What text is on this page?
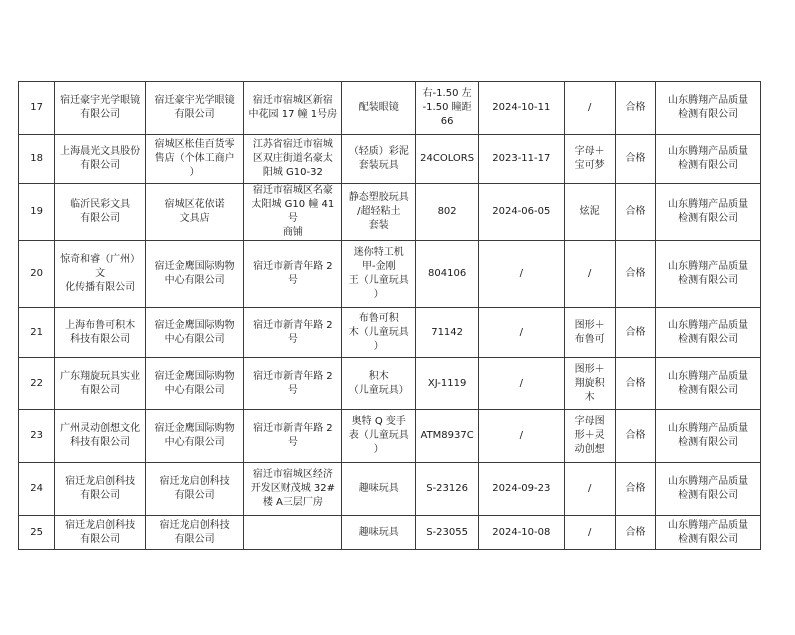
17	宿迁豪宇光学眼镜
有限公司	宿迁豪宇光学眼镜
有限公司	宿迁市宿城区新宿
中花园 17 幢 1号房	配装眼镜	右-1.50 左
-1.50 瞳距
66	2024-10-11	/	合格	山东腾翔产品质量
检测有限公司
18	上海晨光文具股份
有限公司	宿城区枨佳百货零
售店（个体工商户
）	江苏省宿迁市宿城
区双庄街道名豪太
阳城 G10-32	（轻质）彩泥
套装玩具	24COLORS	2023-11-17	字母＋
宝可梦	合格	山东腾翔产品质量
检测有限公司
19	临沂民彩文具
有限公司	宿城区花依诺
文具店	宿迁市宿城区名豪
太阳城 G10 幢 41 号
商铺	静态塑胶玩具
/超轻粘土
套装	802	2024-06-05	炫泥	合格	山东腾翔产品质量
检测有限公司
20	惊奇和睿（广州）文
化传播有限公司	宿迁金鹰国际购物
中心有限公司	宿迁市新青年路 2
号	迷你特工机
甲-金刚
王（儿童玩具
）	804106	/	/	合格	山东腾翔产品质量
检测有限公司
21	上海布鲁可积木
科技有限公司	宿迁金鹰国际购物
中心有限公司	宿迁市新青年路 2
号	布鲁可积
木（儿童玩具
）	71142	/	图形＋
布鲁可	合格	山东腾翔产品质量
检测有限公司
22	广东翔旋玩具实业
有限公司	宿迁金鹰国际购物
中心有限公司	宿迁市新青年路 2
号	积木
（儿童玩具）	XJ-1119	/	图形＋
翔旋积
木	合格	山东腾翔产品质量
检测有限公司
23	广州灵动创想文化
科技有限公司	宿迁金鹰国际购物
中心有限公司	宿迁市新青年路 2
号	奥特 Q 变手
表（儿童玩具
）	ATM8937C	/	字母图
形＋灵
动创想	合格	山东腾翔产品质量
检测有限公司
24	宿迁龙启创科技
有限公司	宿迁龙启创科技
有限公司	宿迁市宿城区经济
开发区财茂城 32#
楼 A三层厂房	趣味玩具	S-23126	2024-09-23	/	合格	山东腾翔产品质量
检测有限公司
25	宿迁龙启创科技
有限公司	宿迁龙启创科技
有限公司		趣味玩具	S-23055	2024-10-08	/	合格	山东腾翔产品质量
检测有限公司
